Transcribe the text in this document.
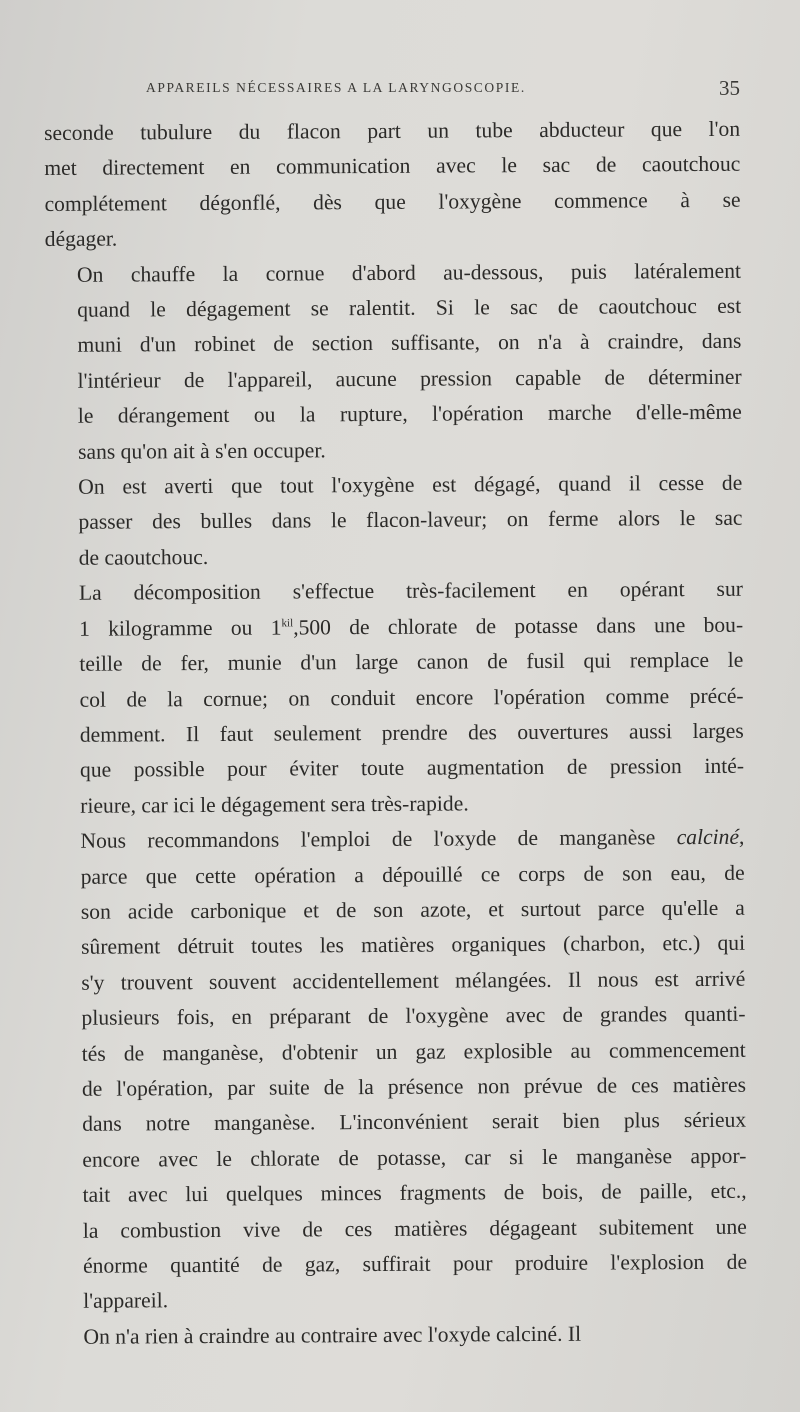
APPAREILS NÉCESSAIRES A LA LARYNGOSCOPIE.	35
seconde tubulure du flacon part un tube abducteur que l'on
met directement en communication avec le sac de caoutchouc
complétement dégonflé, dès que l'oxygène commence à se
dégager.
On chauffe la cornue d'abord au-dessous, puis latéralement
quand le dégagement se ralentit. Si le sac de caoutchouc est
muni d'un robinet de section suffisante, on n'a à craindre, dans
l'intérieur de l'appareil, aucune pression capable de déterminer
le dérangement ou la rupture, l'opération marche d'elle-même
sans qu'on ait à s'en occuper.
On est averti que tout l'oxygène est dégagé, quand il cesse de
passer des bulles dans le flacon-laveur; on ferme alors le sac
de caoutchouc.
La décomposition s'effectue très-facilement en opérant sur
1 kilogramme ou $1^{kil},500$ de chlorate de potasse dans une bou-
teille de fer, munie d'un large canon de fusil qui remplace le
col de la cornue; on conduit encore l'opération comme précé-
demment. Il faut seulement prendre des ouvertures aussi larges
que possible pour éviter toute augmentation de pression inté-
rieure, car ici le dégagement sera très-rapide.
Nous recommandons l'emploi de l'oxyde de manganèse calciné,
parce que cette opération a dépouillé ce corps de son eau, de
son acide carbonique et de son azote, et surtout parce qu'elle a
sûrement détruit toutes les matières organiques (charbon, etc.) qui
s'y trouvent souvent accidentellement mélangées. Il nous est arrivé
plusieurs fois, en préparant de l'oxygène avec de grandes quanti-
tés de manganèse, d'obtenir un gaz explosible au commencement
de l'opération, par suite de la présence non prévue de ces matières
dans notre manganèse. L'inconvénient serait bien plus sérieux
encore avec le chlorate de potasse, car si le manganèse appor-
tait avec lui quelques minces fragments de bois, de paille, etc.,
la combustion vive de ces matières dégageant subitement une
énorme quantité de gaz, suffirait pour produire l'explosion de
l'appareil.
On n'a rien à craindre au contraire avec l'oxyde calciné. Il
